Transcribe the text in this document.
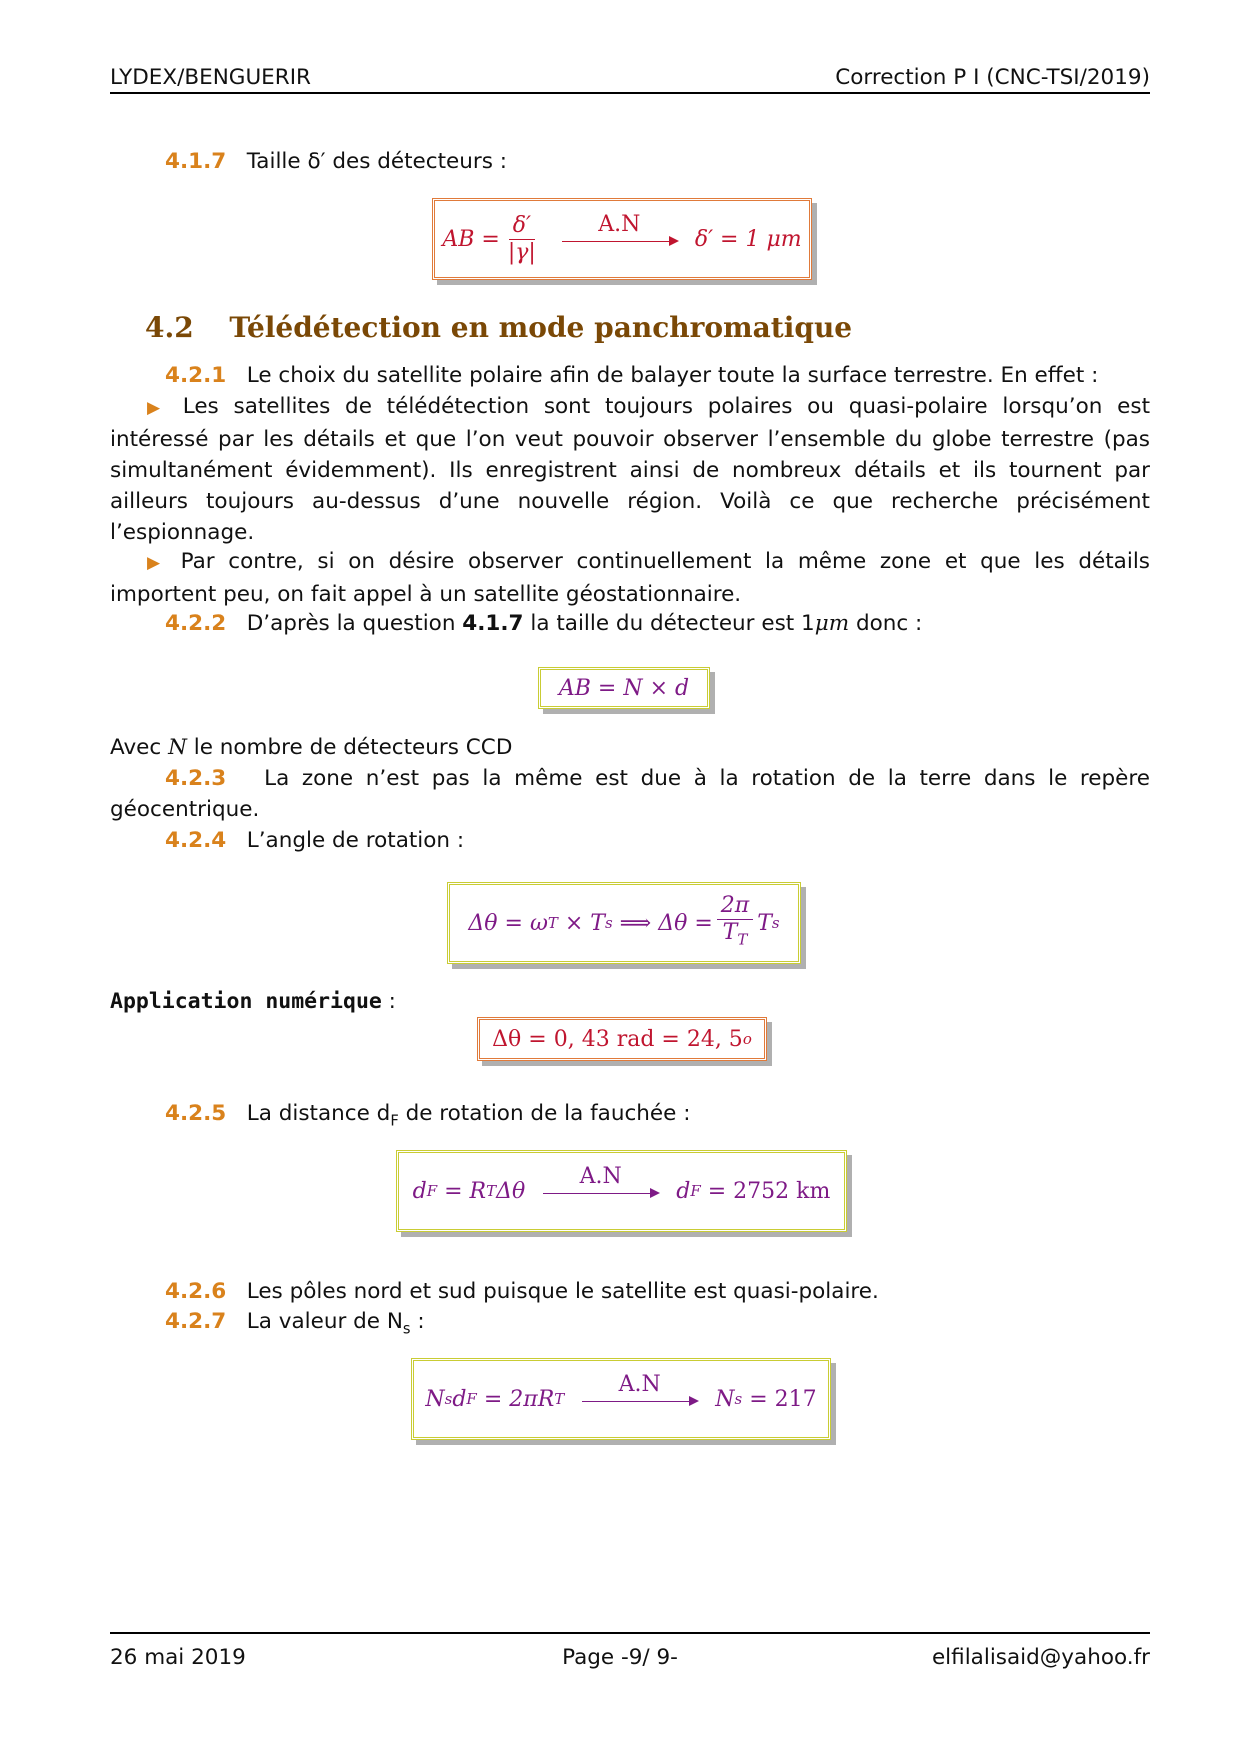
LYDEX/BENGUERIR	Correction P I (CNC-TSI/2019)
4.1.7 Taille δ′ des détecteurs :
AB = $\frac{\delta'}{|\gamma|}$	A.N
δ′ = 1 μm
4.2 Télédétection en mode panchromatique
4.2.1 Le choix du satellite polaire afin de balayer toute la surface terrestre. En effet :
▶ Les satellites de télédétection sont toujours polaires ou quasi-polaire lorsqu’on est intéressé par les détails et que l’on veut pouvoir observer l’ensemble du globe terrestre (pas simultanément évidemment). Ils enregistrent ainsi de nombreux détails et ils tournent par ailleurs toujours au-dessus d’une nouvelle région. Voilà ce que recherche précisément l’espionnage.
▶ Par contre, si on désire observer continuellement la même zone et que les détails importent peu, on fait appel à un satellite géostationnaire.
4.2.2 D’après la question 4.1.7 la taille du détecteur est 1μm donc :
AB = N × d
Avec N le nombre de détecteurs CCD
4.2.3 La zone n’est pas la même est due à la rotation de la terre dans le repère géocentrique.
4.2.4 L’angle de rotation :
Δθ = ω T
× T s
⟹ $\Delta\theta = \frac{2\pi}{T_T}$ T s
Application numérique :
Δθ = 0, 43 rad = 24, 5 o
4.2.5 La distance $d_F$ de rotation de la fauchée :
d F
= R T Δθ
A.N
d F
= 2752 km
4.2.6 Les pôles nord et sud puisque le satellite est quasi-polaire.
4.2.7 La valeur de $N_s$ :
N s d F
= 2πR T
A.N
N s
= 217
26 mai 2019	Page -9/ 9-	elfilalisaid@yahoo.fr
